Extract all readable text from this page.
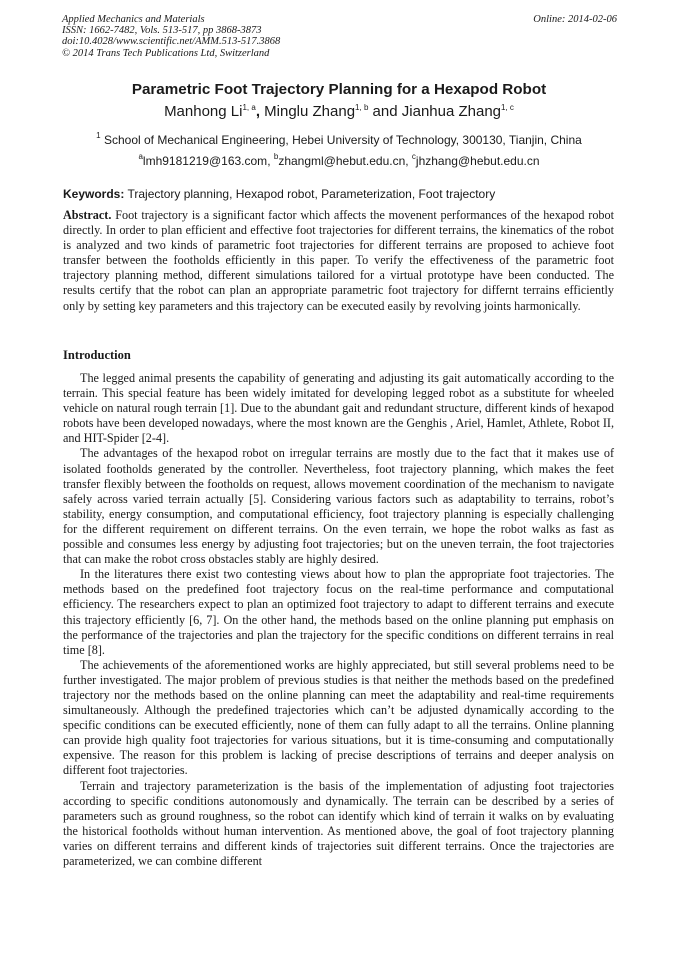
Applied Mechanics and Materials
ISSN: 1662-7482, Vols. 513-517, pp 3868-3873
doi:10.4028/www.scientific.net/AMM.513-517.3868
© 2014 Trans Tech Publications Ltd, Switzerland
Online: 2014-02-06
Parametric Foot Trajectory Planning for a Hexapod Robot
Manhong Li$^{1, a}$, Minglu Zhang$^{1, b}$ and Jianhua Zhang$^{1, c}$
$^1$ School of Mechanical Engineering, Hebei University of Technology, 300130, Tianjin, China
$^a$lmh9181219@163.com, $^b$zhangml@hebut.edu.cn, $^c$jhzhang@hebut.edu.cn
Keywords: Trajectory planning, Hexapod robot, Parameterization, Foot trajectory
Abstract. Foot trajectory is a significant factor which affects the movenent performances of the hexapod robot directly. In order to plan efficient and effective foot trajectories for different terrains, the kinematics of the robot is analyzed and two kinds of parametric foot trajectories for different terrains are proposed to achieve foot transfer between the footholds efficiently in this paper. To verify the effectiveness of the parametric foot trajectory planning method, different simulations tailored for a virtual prototype have been conducted. The results certify that the robot can plan an appropriate parametric foot trajectory for differnt terrains efficiently only by setting key parameters and this trajectory can be executed easily by revolving joints harmonically.
Introduction

The legged animal presents the capability of generating and adjusting its gait automatically according to the terrain. This special feature has been widely imitated for developing legged robot as a substitute for wheeled vehicle on natural rough terrain [1]. Due to the abundant gait and redundant structure, different kinds of hexapod robots have been developed nowadays, where the most known are the Genghis , Ariel, Hamlet, Athlete, Robot II, and HIT-Spider [2-4].

The advantages of the hexapod robot on irregular terrains are mostly due to the fact that it makes use of isolated footholds generated by the controller. Nevertheless, foot trajectory planning, which makes the feet transfer flexibly between the footholds on request, allows movement coordination of the mechanism to navigate safely across varied terrain actually [5]. Considering various factors such as adaptability to terrains, robot’s stability, energy consumption, and computational efficiency, foot trajectory planning is especially challenging for the different requirement on different terrains. On the even terrain, we hope the robot walks as fast as possible and consumes less energy by adjusting foot trajectories; but on the uneven terrain, the foot trajectories that can make the robot cross obstacles stably are highly desired.

In the literatures there exist two contesting views about how to plan the appropriate foot trajectories. The methods based on the predefined foot trajectory focus on the real-time performance and computational efficiency. The researchers expect to plan an optimized foot trajectory to adapt to different terrains and execute this trajectory efficiently [6, 7]. On the other hand, the methods based on the online planning put emphasis on the performance of the trajectories and plan the trajectory for the specific conditions on different terrains in real time [8].

The achievements of the aforementioned works are highly appreciated, but still several problems need to be further investigated. The major problem of previous studies is that neither the methods based on the predefined trajectory nor the methods based on the online planning can meet the adaptability and real-time requirements simultaneously. Although the predefined trajectories which can’t be adjusted dynamically according to the specific conditions can be executed efficiently, none of them can fully adapt to all the terrains. Online planning can provide high quality foot trajectories for various situations, but it is time-consuming and computationally expensive. The reason for this problem is lacking of precise descriptions of terrains and deeper analysis on different foot trajectories.

Terrain and trajectory parameterization is the basis of the implementation of adjusting foot trajectories according to specific conditions autonomously and dynamically. The terrain can be described by a series of parameters such as ground roughness, so the robot can identify which kind of terrain it walks on by evaluating the historical footholds without human intervention. As mentioned above, the goal of foot trajectory planning varies on different terrains and different kinds of trajectories suit different terrains. Once the trajectories are parameterized, we can combine different
